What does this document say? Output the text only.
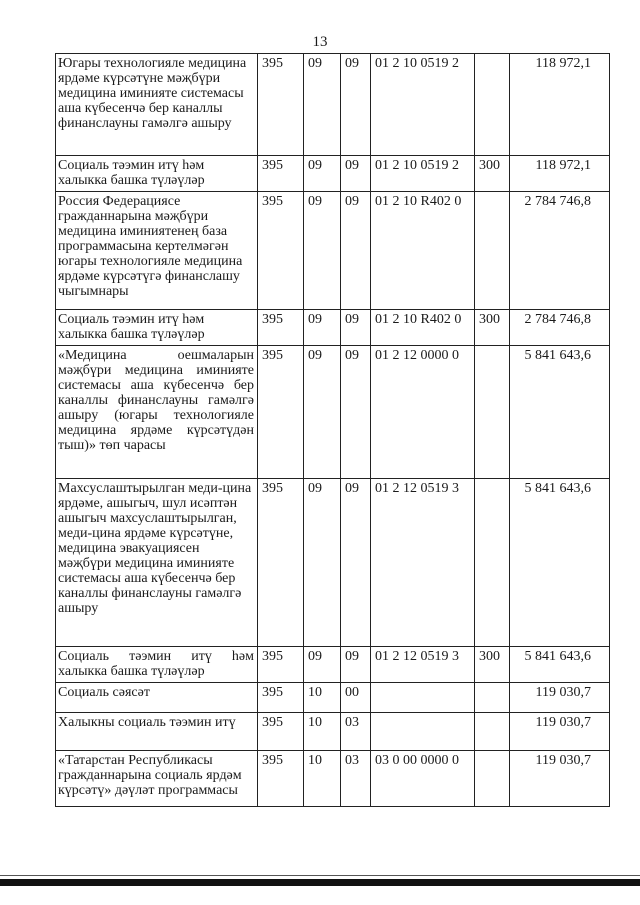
13
Югары технологияле медицина ярдәме күрсәтүне мәҗбүри медицина иминияте системасы аша күбесенчә бер каналлы финанслауны гамәлгә ашыру	395	09	09	01 2 10 0519 2		118 972,1
Социаль тәэмин итү һәм халыкка башка түләүләр	395	09	09	01 2 10 0519 2	300	118 972,1
Россия Федерациясе гражданнарына мәҗбүри медицина иминиятенең база программасына кертелмәгән югары технологияле медицина ярдәме күрсәтүгә финанслашу чыгымнары	395	09	09	01 2 10 R402 0		2 784 746,8
Социаль тәэмин итү һәм халыкка башка түләүләр	395	09	09	01 2 10 R402 0	300	2 784 746,8
«Медицина оешмаларын мәҗбүри медицина иминияте системасы аша күбесенчә бер каналлы финанслауны гамәлгә ашыру (югары технологияле медицина ярдәме күрсәтүдән тыш)» төп чарасы	395	09	09	01 2 12 0000 0		5 841 643,6
Махсуслаштырылган меди-цина ярдәме, ашыгыч, шул исәптән ашыгыч махсуслаштырылган, меди-цина ярдәме күрсәтүне, медицина эвакуациясен мәҗбүри медицина иминияте системасы аша күбесенчә бер каналлы финанслауны гамәлгә ашыру	395	09	09	01 2 12 0519 3		5 841 643,6
Социаль тәэмин итү һәм халыкка башка түләүләр	395	09	09	01 2 12 0519 3	300	5 841 643,6
Социаль сәясәт	395	10	00			119 030,7
Халыкны социаль тәэмин итү	395	10	03			119 030,7
«Татарстан Республикасы гражданнарына социаль ярдәм күрсәтү» дәүләт программасы	395	10	03	03 0 00 0000 0		119 030,7
